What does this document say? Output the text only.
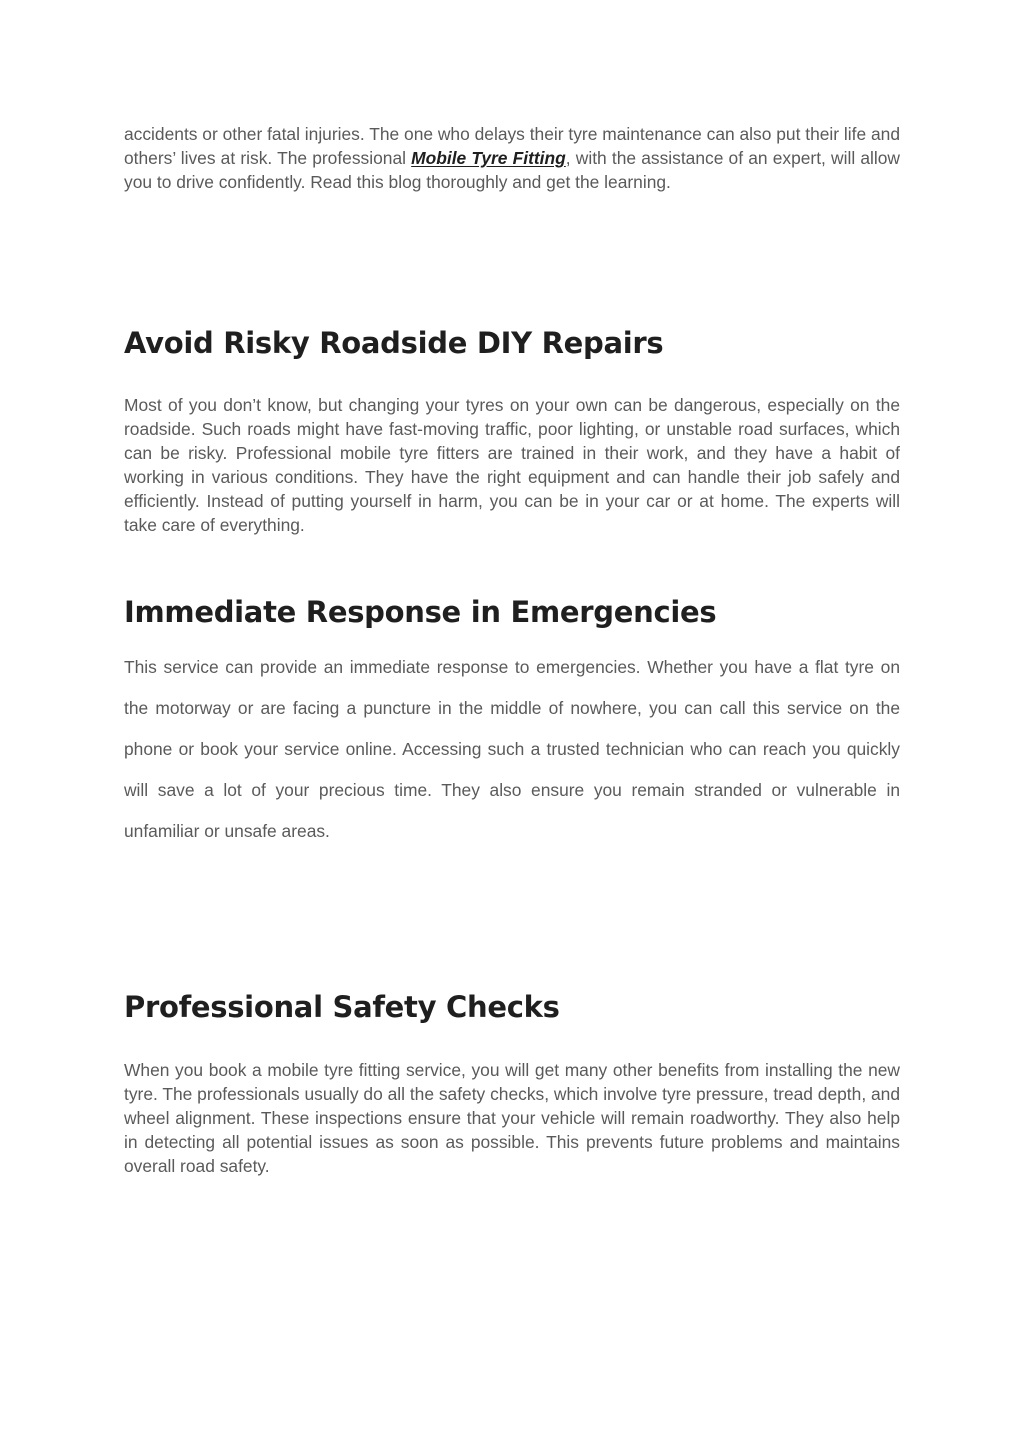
accidents or other fatal injuries. The one who delays their tyre maintenance can also put their life and others’ lives at risk. The professional Mobile Tyre Fitting, with the assistance of an expert, will allow you to drive confidently. Read this blog thoroughly and get the learning.

Avoid Risky Roadside DIY Repairs

Most of you don’t know, but changing your tyres on your own can be dangerous, especially on the roadside. Such roads might have fast-moving traffic, poor lighting, or unstable road surfaces, which can be risky. Professional mobile tyre fitters are trained in their work, and they have a habit of working in various conditions. They have the right equipment and can handle their job safely and efficiently. Instead of putting yourself in harm, you can be in your car or at home. The experts will take care of everything.

Immediate Response in Emergencies

This service can provide an immediate response to emergencies. Whether you have a flat tyre on the motorway or are facing a puncture in the middle of nowhere, you can call this service on the phone or book your service online. Accessing such a trusted technician who can reach you quickly will save a lot of your precious time. They also ensure you remain stranded or vulnerable in unfamiliar or unsafe areas.

Professional Safety Checks

When you book a mobile tyre fitting service, you will get many other benefits from installing the new tyre. The professionals usually do all the safety checks, which involve tyre pressure, tread depth, and wheel alignment. These inspections ensure that your vehicle will remain roadworthy. They also help in detecting all potential issues as soon as possible. This prevents future problems and maintains overall road safety.
